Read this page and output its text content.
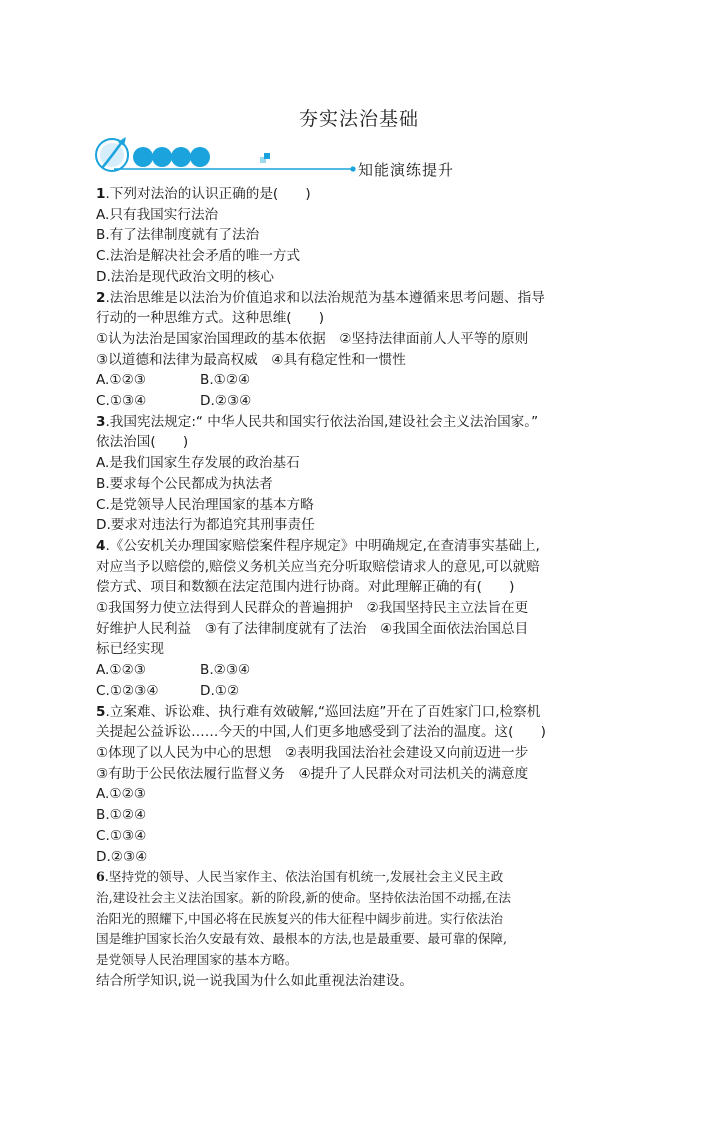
夯实法治基础
知能演练提升
1.下列对法治的认识正确的是(　　)
A.只有我国实行法治
B.有了法律制度就有了法治
C.法治是解决社会矛盾的唯一方式
D.法治是现代政治文明的核心
2.法治思维是以法治为价值追求和以法治规范为基本遵循来思考问题、指导
行动的一种思维方式。这种思维(　　)
①认为法治是国家治国理政的基本依据　②坚持法律面前人人平等的原则
③以道德和法律为最高权威　④具有稳定性和一惯性
A.①②③	B.①②④
C.①③④	D.②③④
3.我国宪法规定:“ 中华人民共和国实行依法治国,建设社会主义法治国家。”
依法治国(　　)
A.是我们国家生存发展的政治基石
B.要求每个公民都成为执法者
C.是党领导人民治理国家的基本方略
D.要求对违法行为都追究其刑事责任
4.《公安机关办理国家赔偿案件程序规定》中明确规定,在查清事实基础上,
对应当予以赔偿的,赔偿义务机关应当充分听取赔偿请求人的意见,可以就赔
偿方式、项目和数额在法定范围内进行协商。对此理解正确的有(　　)
①我国努力使立法得到人民群众的普遍拥护　②我国坚持民主立法旨在更
好维护人民利益　③有了法律制度就有了法治　④我国全面依法治国总目
标已经实现
A.①②③	B.②③④
C.①②③④	D.①②
5.立案难、诉讼难、执行难有效破解,“巡回法庭”开在了百姓家门口,检察机
关提起公益诉讼……今天的中国,人们更多地感受到了法治的温度。这(　　)
①体现了以人民为中心的思想　②表明我国法治社会建设又向前迈进一步
③有助于公民依法履行监督义务　④提升了人民群众对司法机关的满意度
A.①②③
B.①②④
C.①③④
D.②③④
6.坚持党的领导、人民当家作主、依法治国有机统一,发展社会主义民主政
治,建设社会主义法治国家。新的阶段,新的使命。坚持依法治国不动摇,在法
治阳光的照耀下,中国必将在民族复兴的伟大征程中阔步前进。实行依法治
国是维护国家长治久安最有效、最根本的方法,也是最重要、最可靠的保障,
是党领导人民治理国家的基本方略。
结合所学知识,说一说我国为什么如此重视法治建设。
